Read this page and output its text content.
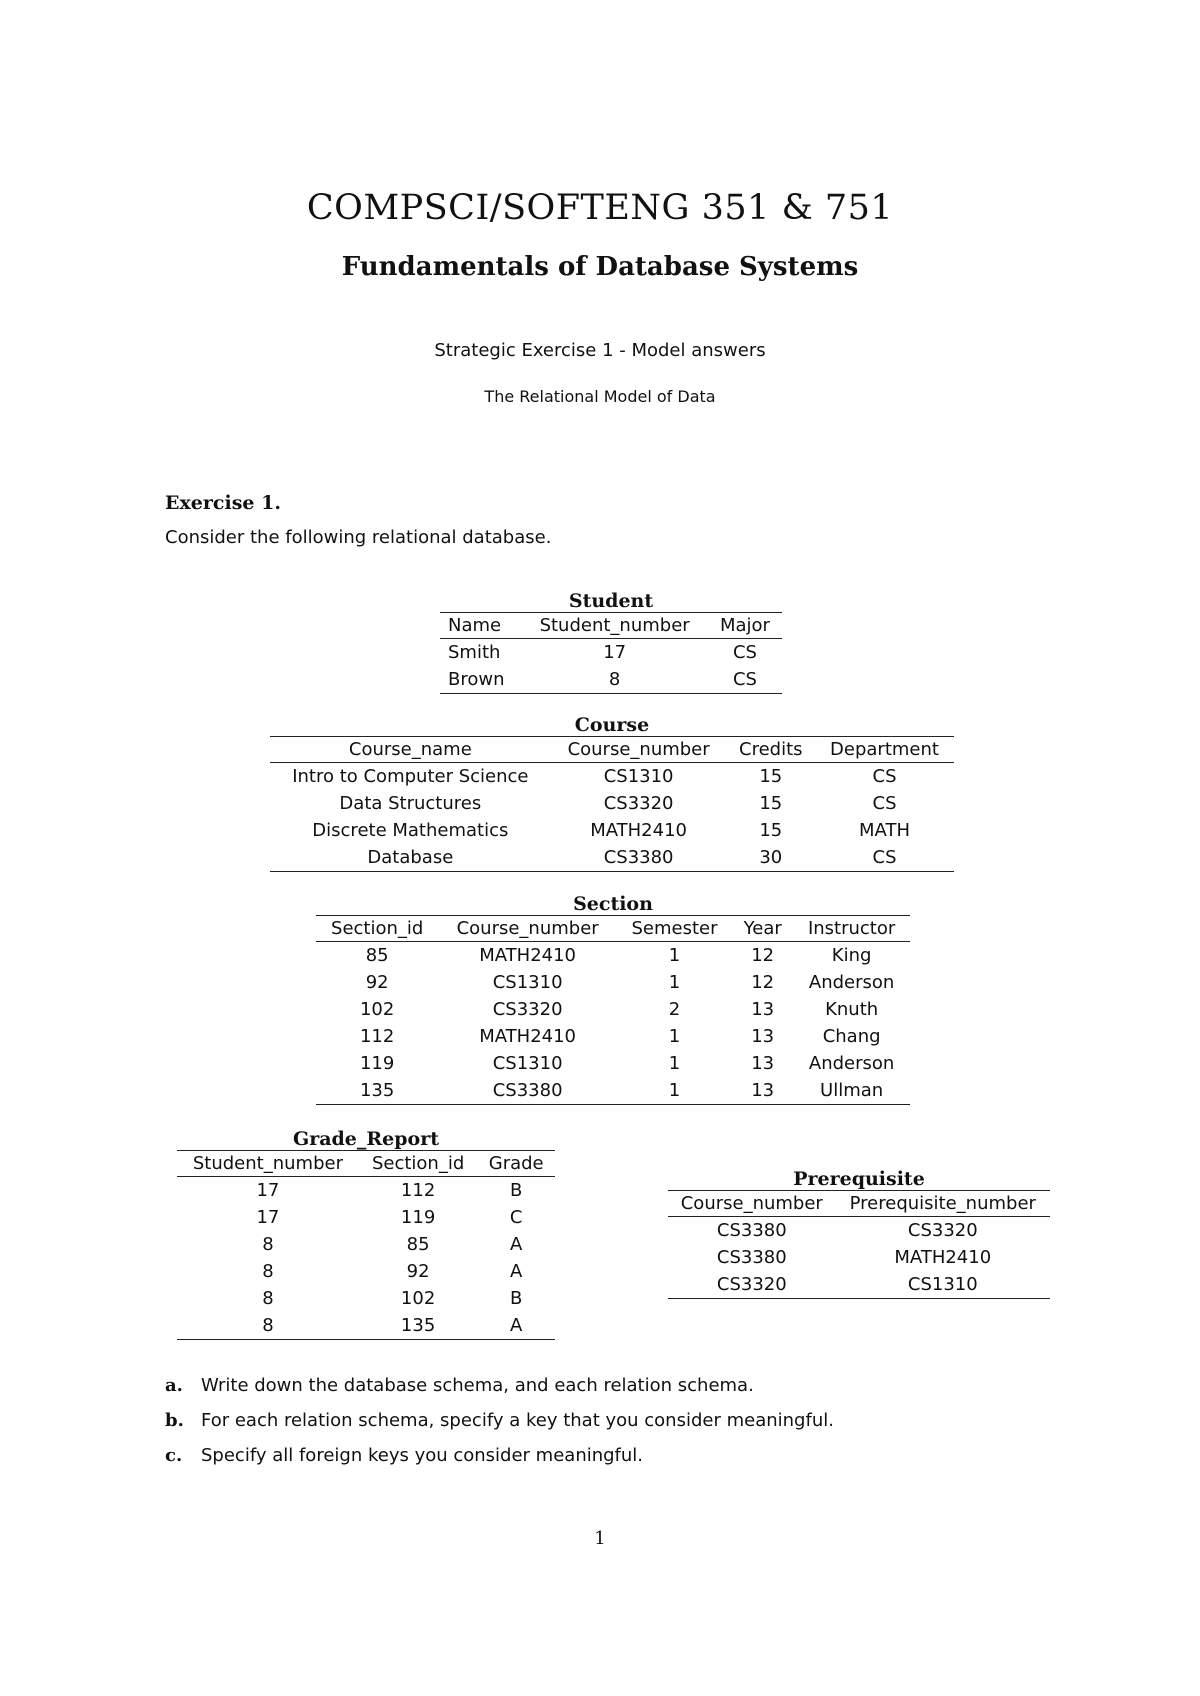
COMPSCI/SOFTENG 351 & 751
Fundamentals of Database Systems
Strategic Exercise 1 - Model answers
The Relational Model of Data
Exercise 1.
Consider the following relational database.
Student
Name	Student_number	Major
Smith	17	CS
Brown	8	CS
Course
Course_name	Course_number	Credits	Department
Intro to Computer Science	CS1310	15	CS
Data Structures	CS3320	15	CS
Discrete Mathematics	MATH2410	15	MATH
Database	CS3380	30	CS
Section
Section_id	Course_number	Semester	Year	Instructor
85	MATH2410	1	12	King
92	CS1310	1	12	Anderson
102	CS3320	2	13	Knuth
112	MATH2410	1	13	Chang
119	CS1310	1	13	Anderson
135	CS3380	1	13	Ullman
Grade_Report
Student_number	Section_id	Grade
17	112	B
17	119	C
8	85	A
8	92	A
8	102	B
8	135	A
Prerequisite
Course_number	Prerequisite_number
CS3380	CS3320
CS3380	MATH2410
CS3320	CS1310
a. Write down the database schema, and each relation schema.
b. For each relation schema, specify a key that you consider meaningful.
c. Specify all foreign keys you consider meaningful.
1
